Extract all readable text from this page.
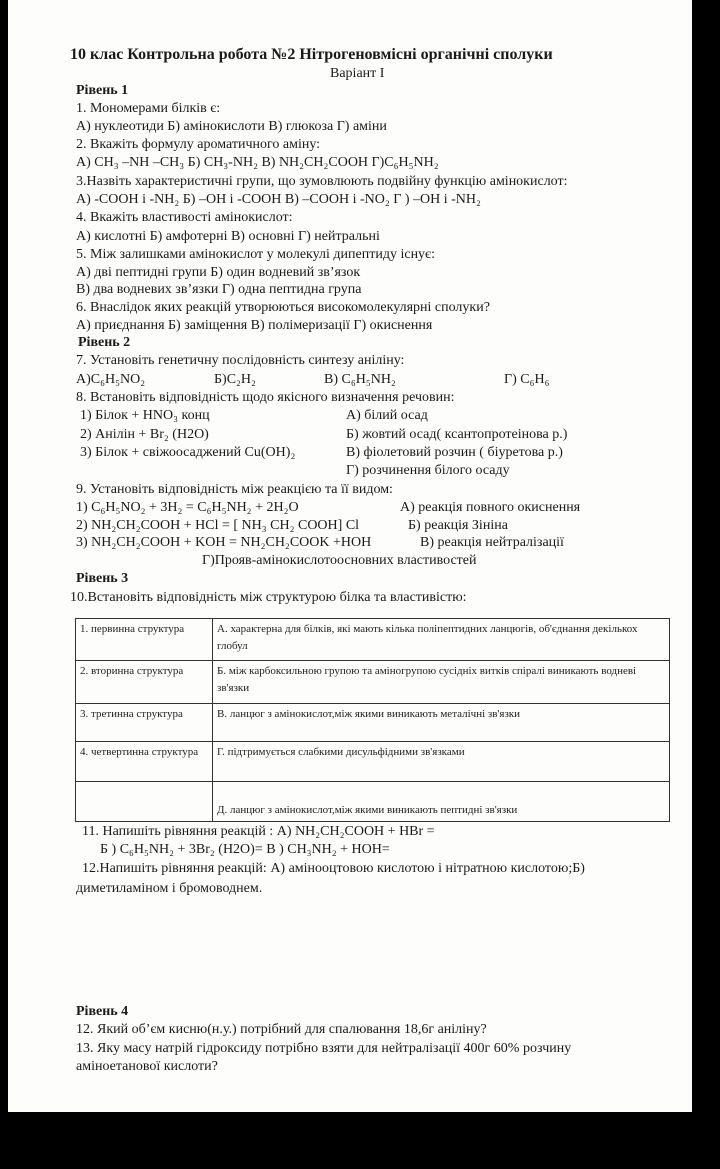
10 клас Контрольна робота №2 Нітрогеновмісні органічні сполуки
Варіант І
Рівень 1
1. Мономерами білків є:
А) нуклеотиди Б) амінокислоти В) глюкоза Г) аміни
2. Вкажіть формулу ароматичного аміну:
А) CH₃ –NH –CH₃ Б) CH₃-NH₂ В) NH₂CH₂COOH Г)C₆H₅NH₂
3.Назвіть характеристичні групи, що зумовлюють подвійну функцію амінокислот:
А) -COOH і -NH₂ Б) –OH і -COOH В) –COOH і -NO₂ Г ) –OH і -NH₂
4. Вкажіть властивості амінокислот:
А) кислотні Б) амфотерні В) основні Г) нейтральні
5. Між залишками амінокислот у молекулі дипептиду існує:
А) дві пептидні групи Б) один водневий зв’язок
В) два водневих зв’язки Г) одна пептидна група
6. Внаслідок яких реакцій утворюються високомолекулярні сполуки?
А) приєднання Б) заміщення В) полімеризації Г) окиснення
Рівень 2
7. Установіть генетичну послідовність синтезу аніліну:
А)C₆H₅NO₂	Б)C₂H₂	В) C₆H₅NH₂	Г) C₆H₆
8. Встановіть відповідність щодо якісного визначення речовин:
1) Білок + HNO₃ конц
2) Анілін + Br₂ (H2O)
3) Білок + свіжоосаджений Cu(OH)₂
А) білий осад
Б) жовтий осад( ксантопротеінова р.)
В) фіолетовий розчин ( біуретова р.)
Г) розчинення білого осаду
9. Установіть відповідність між реакцією та її видом:
1) C₆H₅NO₂ + 3H₂ = C₆H₅NH₂ + 2H₂O
2) NH₂CH₂COOH + HCl = [ NH₃ CH₂ COOH] Cl
3) NH₂CH₂COOH + KOH = NH₂CH₂COOK +HOH
А) реакція повного окиснення
Б) реакція Зініна
В) реакція нейтралізації
Г)Прояв-амінокислотоосновних властивостей
Рівень 3
10.Встановіть відповідність між структурою білка та властивістю:
1. первинна структура	А. характерна для білків, які мають кілька поліпептидних ланцюгів, об'єднання декількох глобул
2. вторинна структура	Б. між карбоксильною групою та аміногрупою сусідніх витків спіралі виникають водневі зв'язки
3. третинна структура	В. ланцюг з амінокислот,між якими виникають металічні зв'язки
4. четвертинна структура	Г. підтримується слабкими дисульфідними зв'язками
	Д. ланцюг з амінокислот,між якими виникають пептидні зв'язки
11. Напишіть рівняння реакцій : А) NH₂CH₂COOH + HBr =
Б ) C₆H₅NH₂ + 3Br₂ (H2O)= В ) CH₃NH₂ + HOH=
12.Напишіть рівняння реакцій: А) амінооцтовою кислотою і нітратною кислотою;Б)
диметиламіном і бромоводнем.
Рівень 4
12. Який об’єм кисню(н.у.) потрібний для спалювання 18,6г аніліну?
13. Яку масу натрій гідроксиду потрібно взяти для нейтралізації 400г 60% розчину
аміноетанової кислоти?
